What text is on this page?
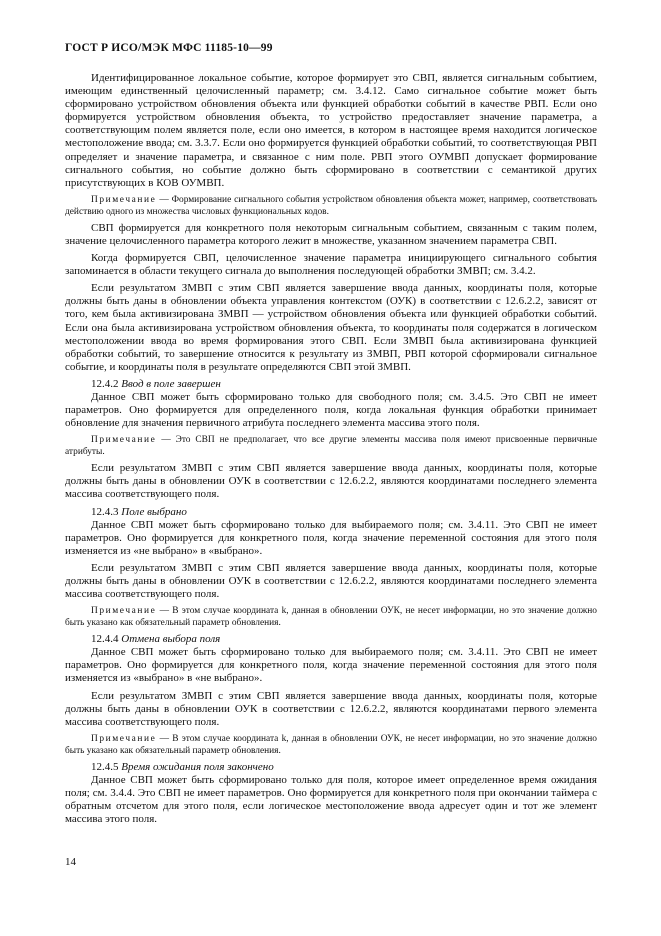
ГОСТ Р ИСО/МЭК МФС 11185-10—99

Идентифицированное локальное событие, которое формирует это СВП, является сигнальным событием, имеющим единственный целочисленный параметр; см. 3.4.12. Само сигнальное событие может быть сформировано устройством обновления объекта или функцией обработки событий в качестве РВП. Если оно формируется устройством обновления объекта, то устройство предоставляет значение параметра, а соответствующим полем является поле, если оно имеется, в котором в настоящее время находится логическое местоположение ввода; см. 3.3.7. Если оно формируется функцией обработки событий, то соответствующая РВП определяет и значение параметра, и связанное с ним поле. РВП этого ОУМВП допускает формирование сигнального события, но событие должно быть сформировано в соответствии с семантикой других присутствующих в КОВ ОУМВП.

Примечание — Формирование сигнального события устройством обновления объекта может, например, соответствовать действию одного из множества числовых функциональных кодов.

СВП формируется для конкретного поля некоторым сигнальным событием, связанным с таким полем, значение целочисленного параметра которого лежит в множестве, указанном значением параметра СВП.

Когда формируется СВП, целочисленное значение параметра инициирующего сигнального события запоминается в области текущего сигнала до выполнения последующей обработки ЗМВП; см. 3.4.2.

Если результатом ЗМВП с этим СВП является завершение ввода данных, координаты поля, которые должны быть даны в обновлении объекта управления контекстом (ОУК) в соответствии с 12.6.2.2, зависят от того, кем была активизирована ЗМВП — устройством обновления объекта или функцией обработки событий. Если она была активизирована устройством обновления объекта, то координаты поля содержатся в логическом местоположении ввода во время формирования этого СВП. Если ЗМВП была активизирована функцией обработки событий, то завершение относится к результату из ЗМВП, РВП которой сформировали сигнальное событие, и координаты поля в результате определяются СВП этой ЗМВП.

12.4.2 Ввод в поле завершен

Данное СВП может быть сформировано только для свободного поля; см. 3.4.5. Это СВП не имеет параметров. Оно формируется для определенного поля, когда локальная функция обработки принимает обновление для значения первичного атрибута последнего элемента массива этого поля.

Примечание — Это СВП не предполагает, что все другие элементы массива поля имеют присвоенные первичные атрибуты.

Если результатом ЗМВП с этим СВП является завершение ввода данных, координаты поля, которые должны быть даны в обновлении ОУК в соответствии с 12.6.2.2, являются координатами последнего элемента массива соответствующего поля.

12.4.3 Поле выбрано

Данное СВП может быть сформировано только для выбираемого поля; см. 3.4.11. Это СВП не имеет параметров. Оно формируется для конкретного поля, когда значение переменной состояния для этого поля изменяется из «не выбрано» в «выбрано».

Если результатом ЗМВП с этим СВП является завершение ввода данных, координаты поля, которые должны быть даны в обновлении ОУК в соответствии с 12.6.2.2, являются координатами последнего элемента массива соответствующего поля.

Примечание — В этом случае координата k, данная в обновлении ОУК, не несет информации, но это значение должно быть указано как обязательный параметр обновления.

12.4.4 Отмена выбора поля

Данное СВП может быть сформировано только для выбираемого поля; см. 3.4.11. Это СВП не имеет параметров. Оно формируется для конкретного поля, когда значение переменной состояния для этого поля изменяется из «выбрано» в «не выбрано».

Если результатом ЗМВП с этим СВП является завершение ввода данных, координаты поля, которые должны быть даны в обновлении ОУК в соответствии с 12.6.2.2, являются координатами первого элемента массива соответствующего поля.

Примечание — В этом случае координата k, данная в обновлении ОУК, не несет информации, но это значение должно быть указано как обязательный параметр обновления.

12.4.5 Время ожидания поля закончено

Данное СВП может быть сформировано только для поля, которое имеет определенное время ожидания поля; см. 3.4.4. Это СВП не имеет параметров. Оно формируется для конкретного поля при окончании таймера с обратным отсчетом для этого поля, если логическое местоположение ввода адресует один и тот же элемент массива этого поля.

14
